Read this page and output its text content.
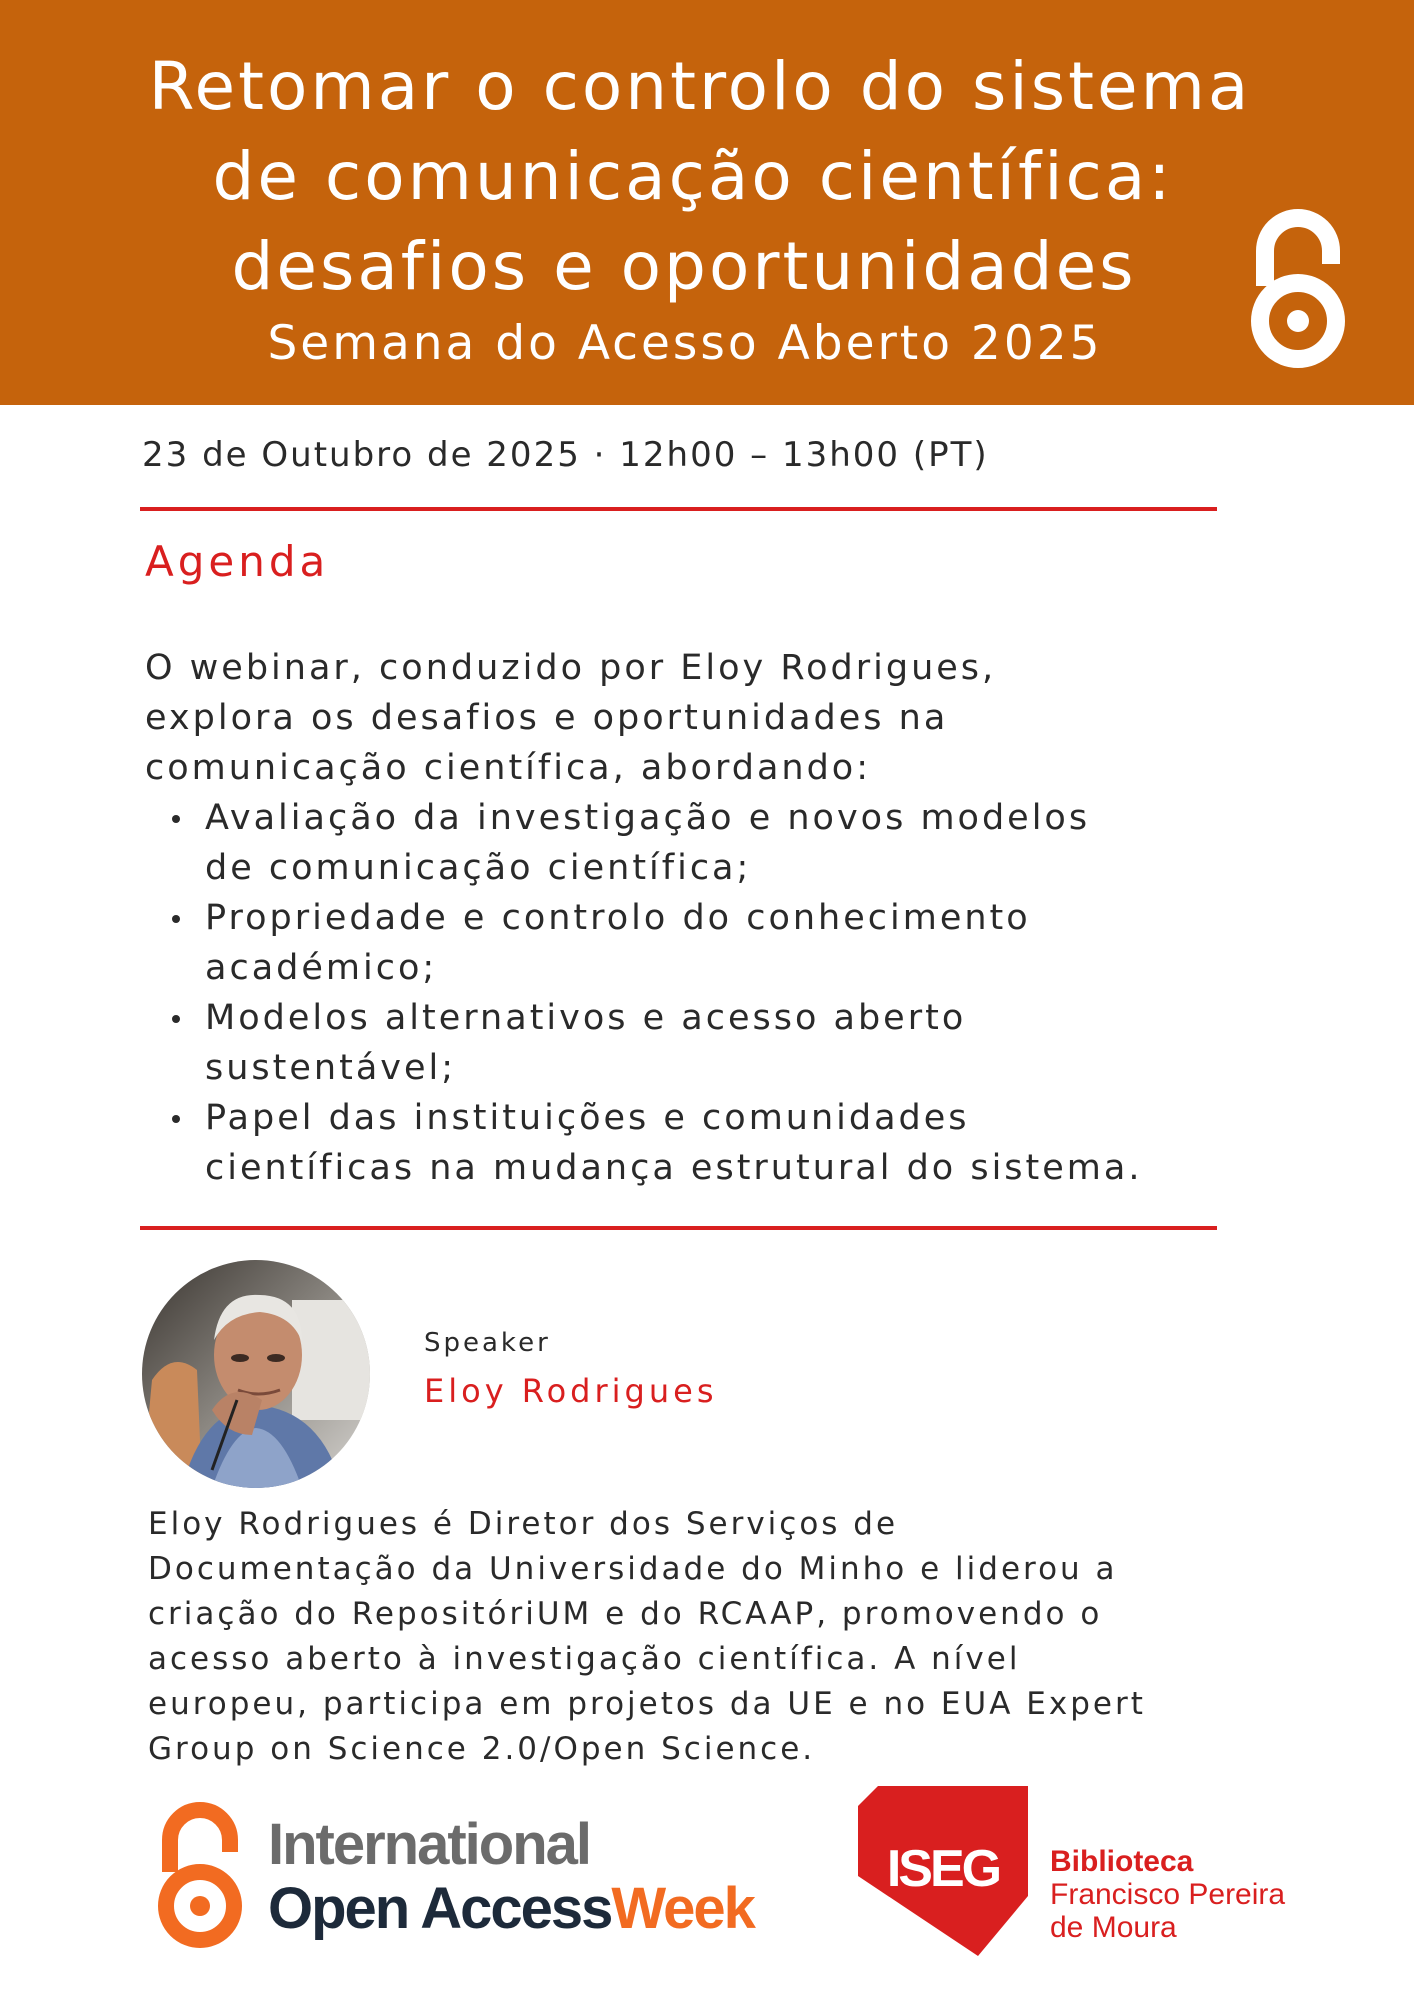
Retomar o controlo do sistema
de comunicação científica:
desafios e oportunidades
Semana do Acesso Aberto 2025
23 de Outubro de 2025 · 12h00 – 13h00 (PT)
Agenda
O webinar, conduzido por Eloy Rodrigues,
explora os desafios e oportunidades na
comunicação científica, abordando:
Avaliação da investigação e novos modelos
de comunicação científica;
Propriedade e controlo do conhecimento
académico;
Modelos alternativos e acesso aberto
sustentável;
Papel das instituições e comunidades
científicas na mudança estrutural do sistema.
Speaker
Eloy Rodrigues
Eloy Rodrigues é Diretor dos Serviços de
Documentação da Universidade do Minho e liderou a
criação do RepositóriUM e do RCAAP, promovendo o
acesso aberto à investigação científica. A nível
europeu, participa em projetos da UE e no EUA Expert
Group on Science 2.0/Open Science.
International
Open AccessWeek
ISEG Biblioteca
Francisco Pereira
de Moura
